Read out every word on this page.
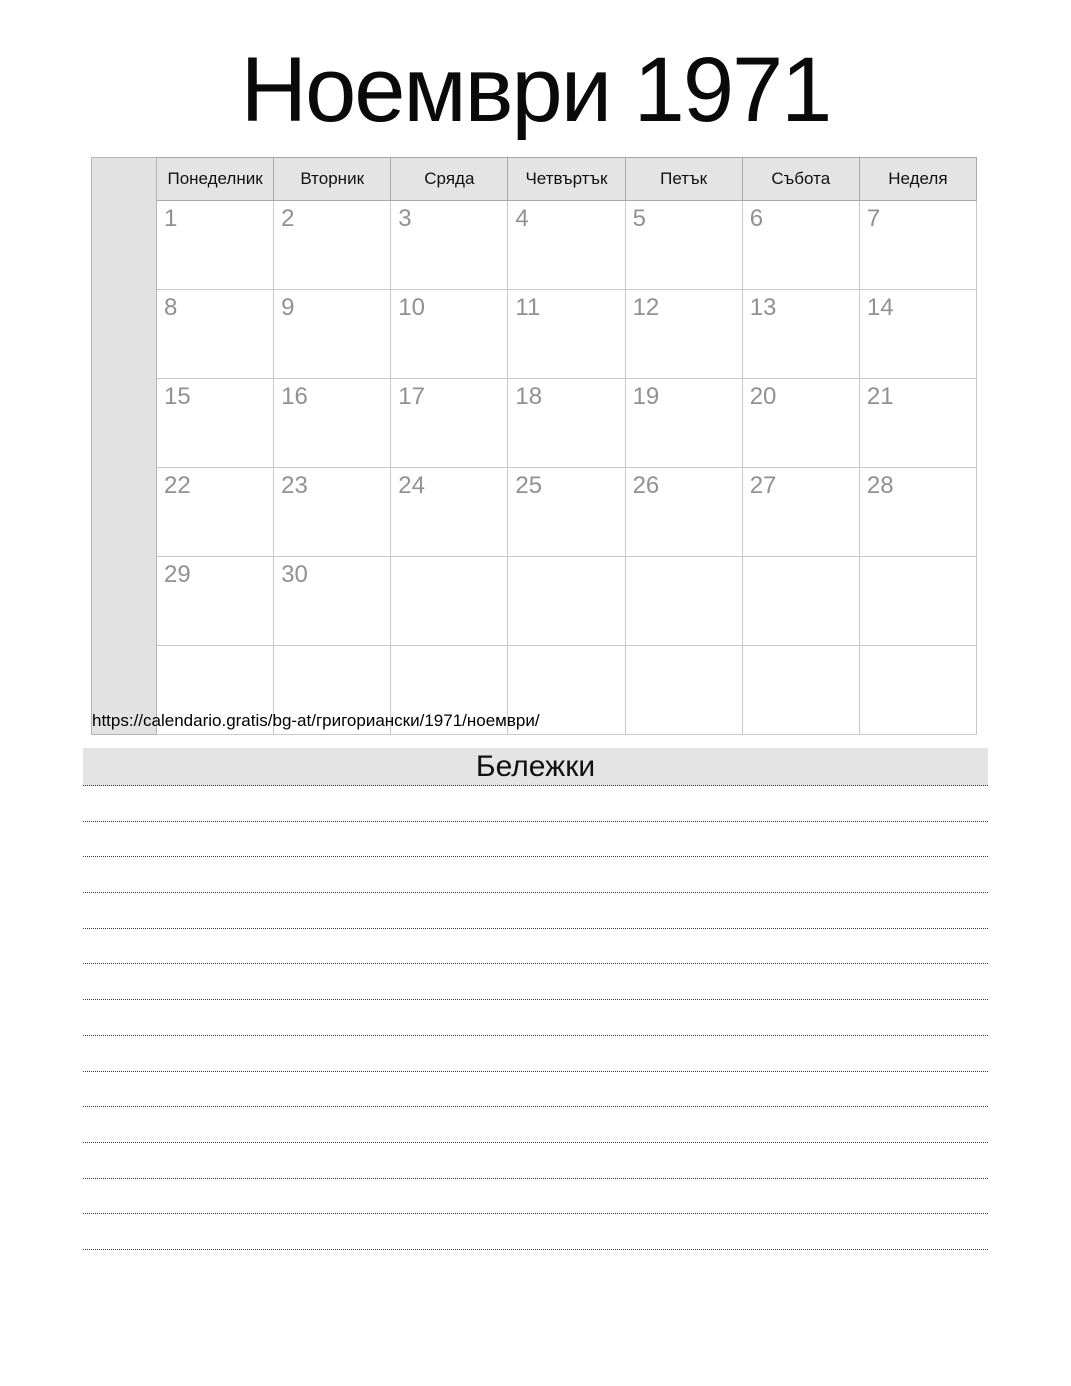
Ноември 1971
	Понеделник	Вторник	Сряда	Четвъртък	Петък	Събота	Неделя
	1	2	3	4	5	6	7
	8	9	10	11	12	13	14
	15	16	17	18	19	20	21
	22	23	24	25	26	27	28
	29	30					

https://calendario.gratis/bg-at/григориански/1971/ноември/
Бележки
